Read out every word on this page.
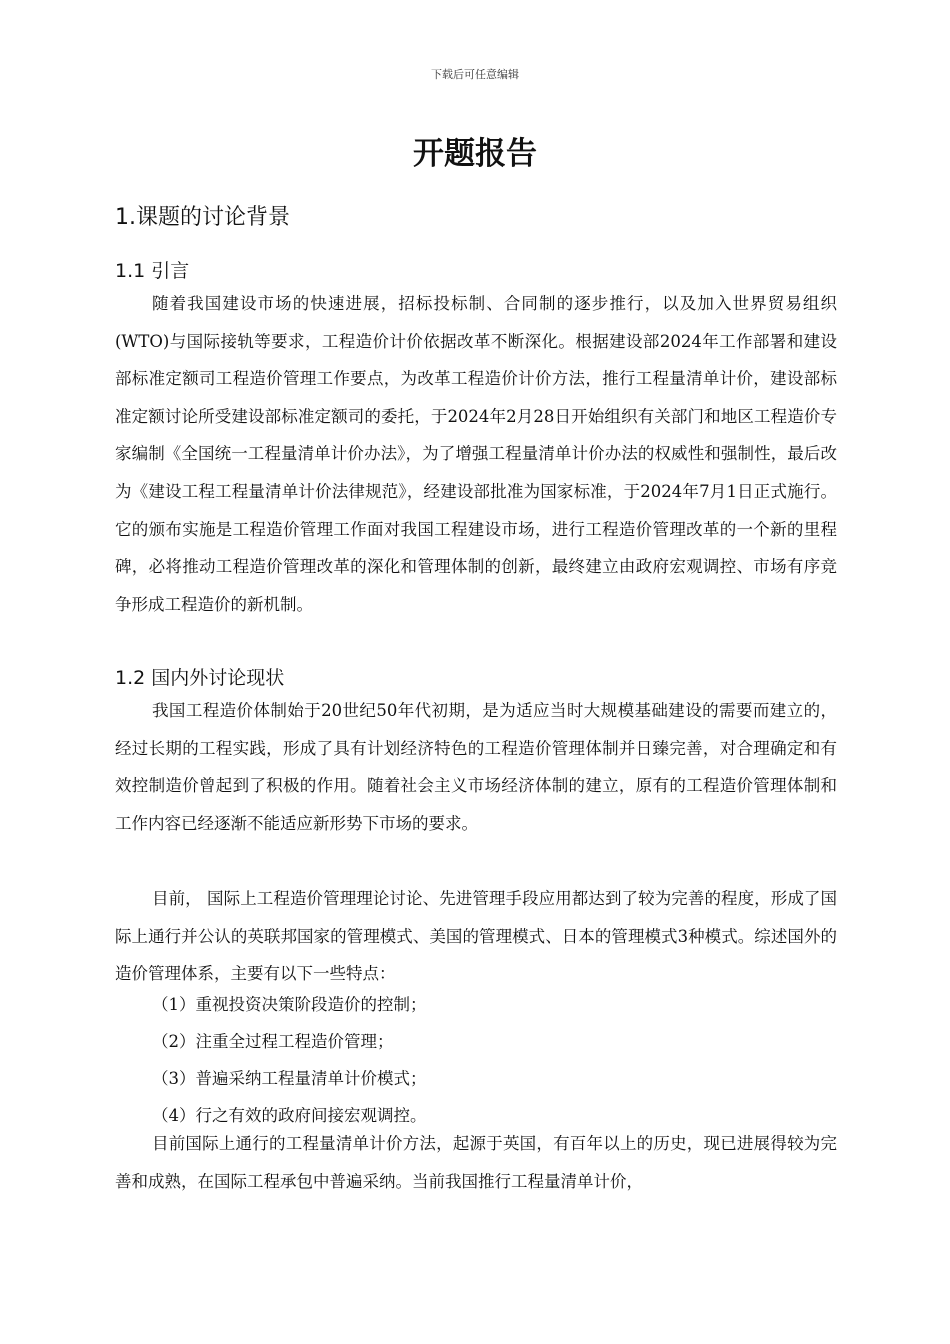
下载后可任意编辑
开题报告
1.课题的讨论背景
1.1 引言

随着我国建设市场的快速进展，招标投标制、合同制的逐步推行，以及加入世界贸易组织(WTO)与国际接轨等要求，工程造价计价依据改革不断深化。根据建设部2024年工作部署和建设部标准定额司工程造价管理工作要点，为改革工程造价计价方法，推行工程量清单计价，建设部标准定额讨论所受建设部标准定额司的委托，于2024年2月28日开始组织有关部门和地区工程造价专家编制《全国统一工程量清单计价办法》，为了增强工程量清单计价办法的权威性和强制性，最后改为《建设工程工程量清单计价法律规范》，经建设部批准为国家标准，于2024年7月1日正式施行。它的颁布实施是工程造价管理工作面对我国工程建设市场，进行工程造价管理改革的一个新的里程碑，必将推动工程造价管理改革的深化和管理体制的创新，最终建立由政府宏观调控、市场有序竞争形成工程造价的新机制。

1.2 国内外讨论现状

我国工程造价体制始于20世纪50年代初期，是为适应当时大规模基础建设的需要而建立的，经过长期的工程实践，形成了具有计划经济特色的工程造价管理体制并日臻完善，对合理确定和有效控制造价曾起到了积极的作用。随着社会主义市场经济体制的建立，原有的工程造价管理体制和工作内容已经逐渐不能适应新形势下市场的要求。

目前， 国际上工程造价管理理论讨论、先进管理手段应用都达到了较为完善的程度，形成了国际上通行并公认的英联邦国家的管理模式、美国的管理模式、日本的管理模式3种模式。综述国外的造价管理体系，主要有以下一些特点：

（1）重视投资决策阶段造价的控制；

（2）注重全过程工程造价管理；

（3）普遍采纳工程量清单计价模式；

（4）行之有效的政府间接宏观调控。

目前国际上通行的工程量清单计价方法，起源于英国，有百年以上的历史，现已进展得较为完善和成熟，在国际工程承包中普遍采纳。当前我国推行工程量清单计价，
